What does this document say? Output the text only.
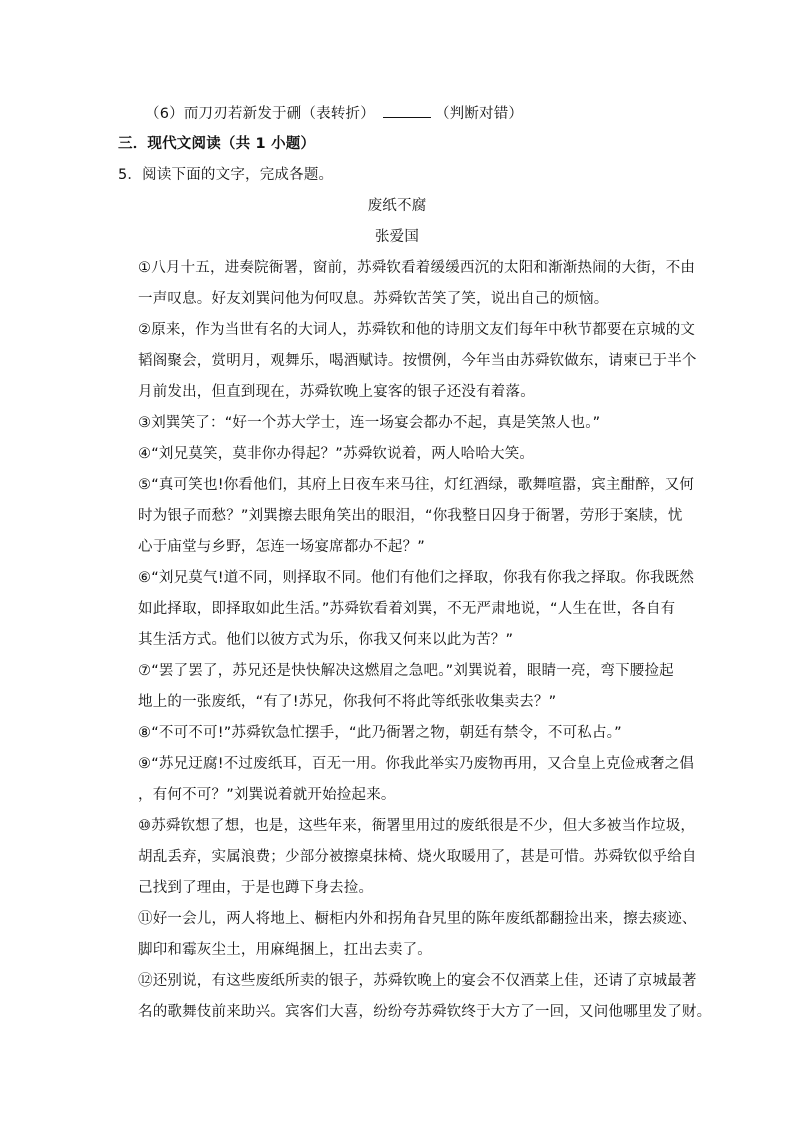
（6）而刀刃若新发于硎（表转折）	（判断对错）
三．现代文阅读（共 1 小题）
5．阅读下面的文字，完成各题。
废纸不腐
张爱国
①八月十五，进奏院衙署，窗前，苏舜钦看着缓缓西沉的太阳和渐渐热闹的大街，不由
一声叹息。好友刘巽问他为何叹息。苏舜钦苦笑了笑，说出自己的烦恼。
②原来，作为当世有名的大词人，苏舜钦和他的诗朋文友们每年中秋节都要在京城的文
韬阁聚会，赏明月，观舞乐，喝酒赋诗。按惯例，今年当由苏舜钦做东，请柬已于半个
月前发出，但直到现在，苏舜钦晚上宴客的银子还没有着落。
③刘巽笑了：“好一个苏大学士，连一场宴会都办不起，真是笑煞人也。”
④“刘兄莫笑，莫非你办得起？”苏舜钦说着，两人哈哈大笑。
⑤“真可笑也!你看他们，其府上日夜车来马往，灯红酒绿，歌舞喧嚣，宾主酣醉，又何
时为银子而愁？”刘巽擦去眼角笑出的眼泪，“你我整日囚身于衙署，劳形于案牍，忧
心于庙堂与乡野，怎连一场宴席都办不起？”
⑥“刘兄莫气!道不同，则择取不同。他们有他们之择取，你我有你我之择取。你我既然
如此择取，即择取如此生活。”苏舜钦看着刘巽，不无严肃地说，“人生在世，各自有
其生活方式。他们以彼方式为乐，你我又何来以此为苦？”
⑦“罢了罢了，苏兄还是快快解决这燃眉之急吧。”刘巽说着，眼睛一亮，弯下腰捡起
地上的一张废纸，“有了!苏兄，你我何不将此等纸张收集卖去？”
⑧“不可不可!”苏舜钦急忙摆手，“此乃衙署之物，朝廷有禁令，不可私占。”
⑨“苏兄迂腐!不过废纸耳，百无一用。你我此举实乃废物再用，又合皇上克俭戒奢之倡
，有何不可？”刘巽说着就开始捡起来。
⑩苏舜钦想了想，也是，这些年来，衙署里用过的废纸很是不少，但大多被当作垃圾，
胡乱丢弃，实属浪费；少部分被擦桌抹椅、烧火取暖用了，甚是可惜。苏舜钦似乎给自
己找到了理由，于是也蹲下身去捡。
⑪好一会儿，两人将地上、橱柜内外和拐角旮旯里的陈年废纸都翻捡出来，擦去痰迹、
脚印和霉灰尘土，用麻绳捆上，扛出去卖了。
⑫还别说，有这些废纸所卖的银子，苏舜钦晚上的宴会不仅酒菜上佳，还请了京城最著
名的歌舞伎前来助兴。宾客们大喜，纷纷夸苏舜钦终于大方了一回，又问他哪里发了财。
